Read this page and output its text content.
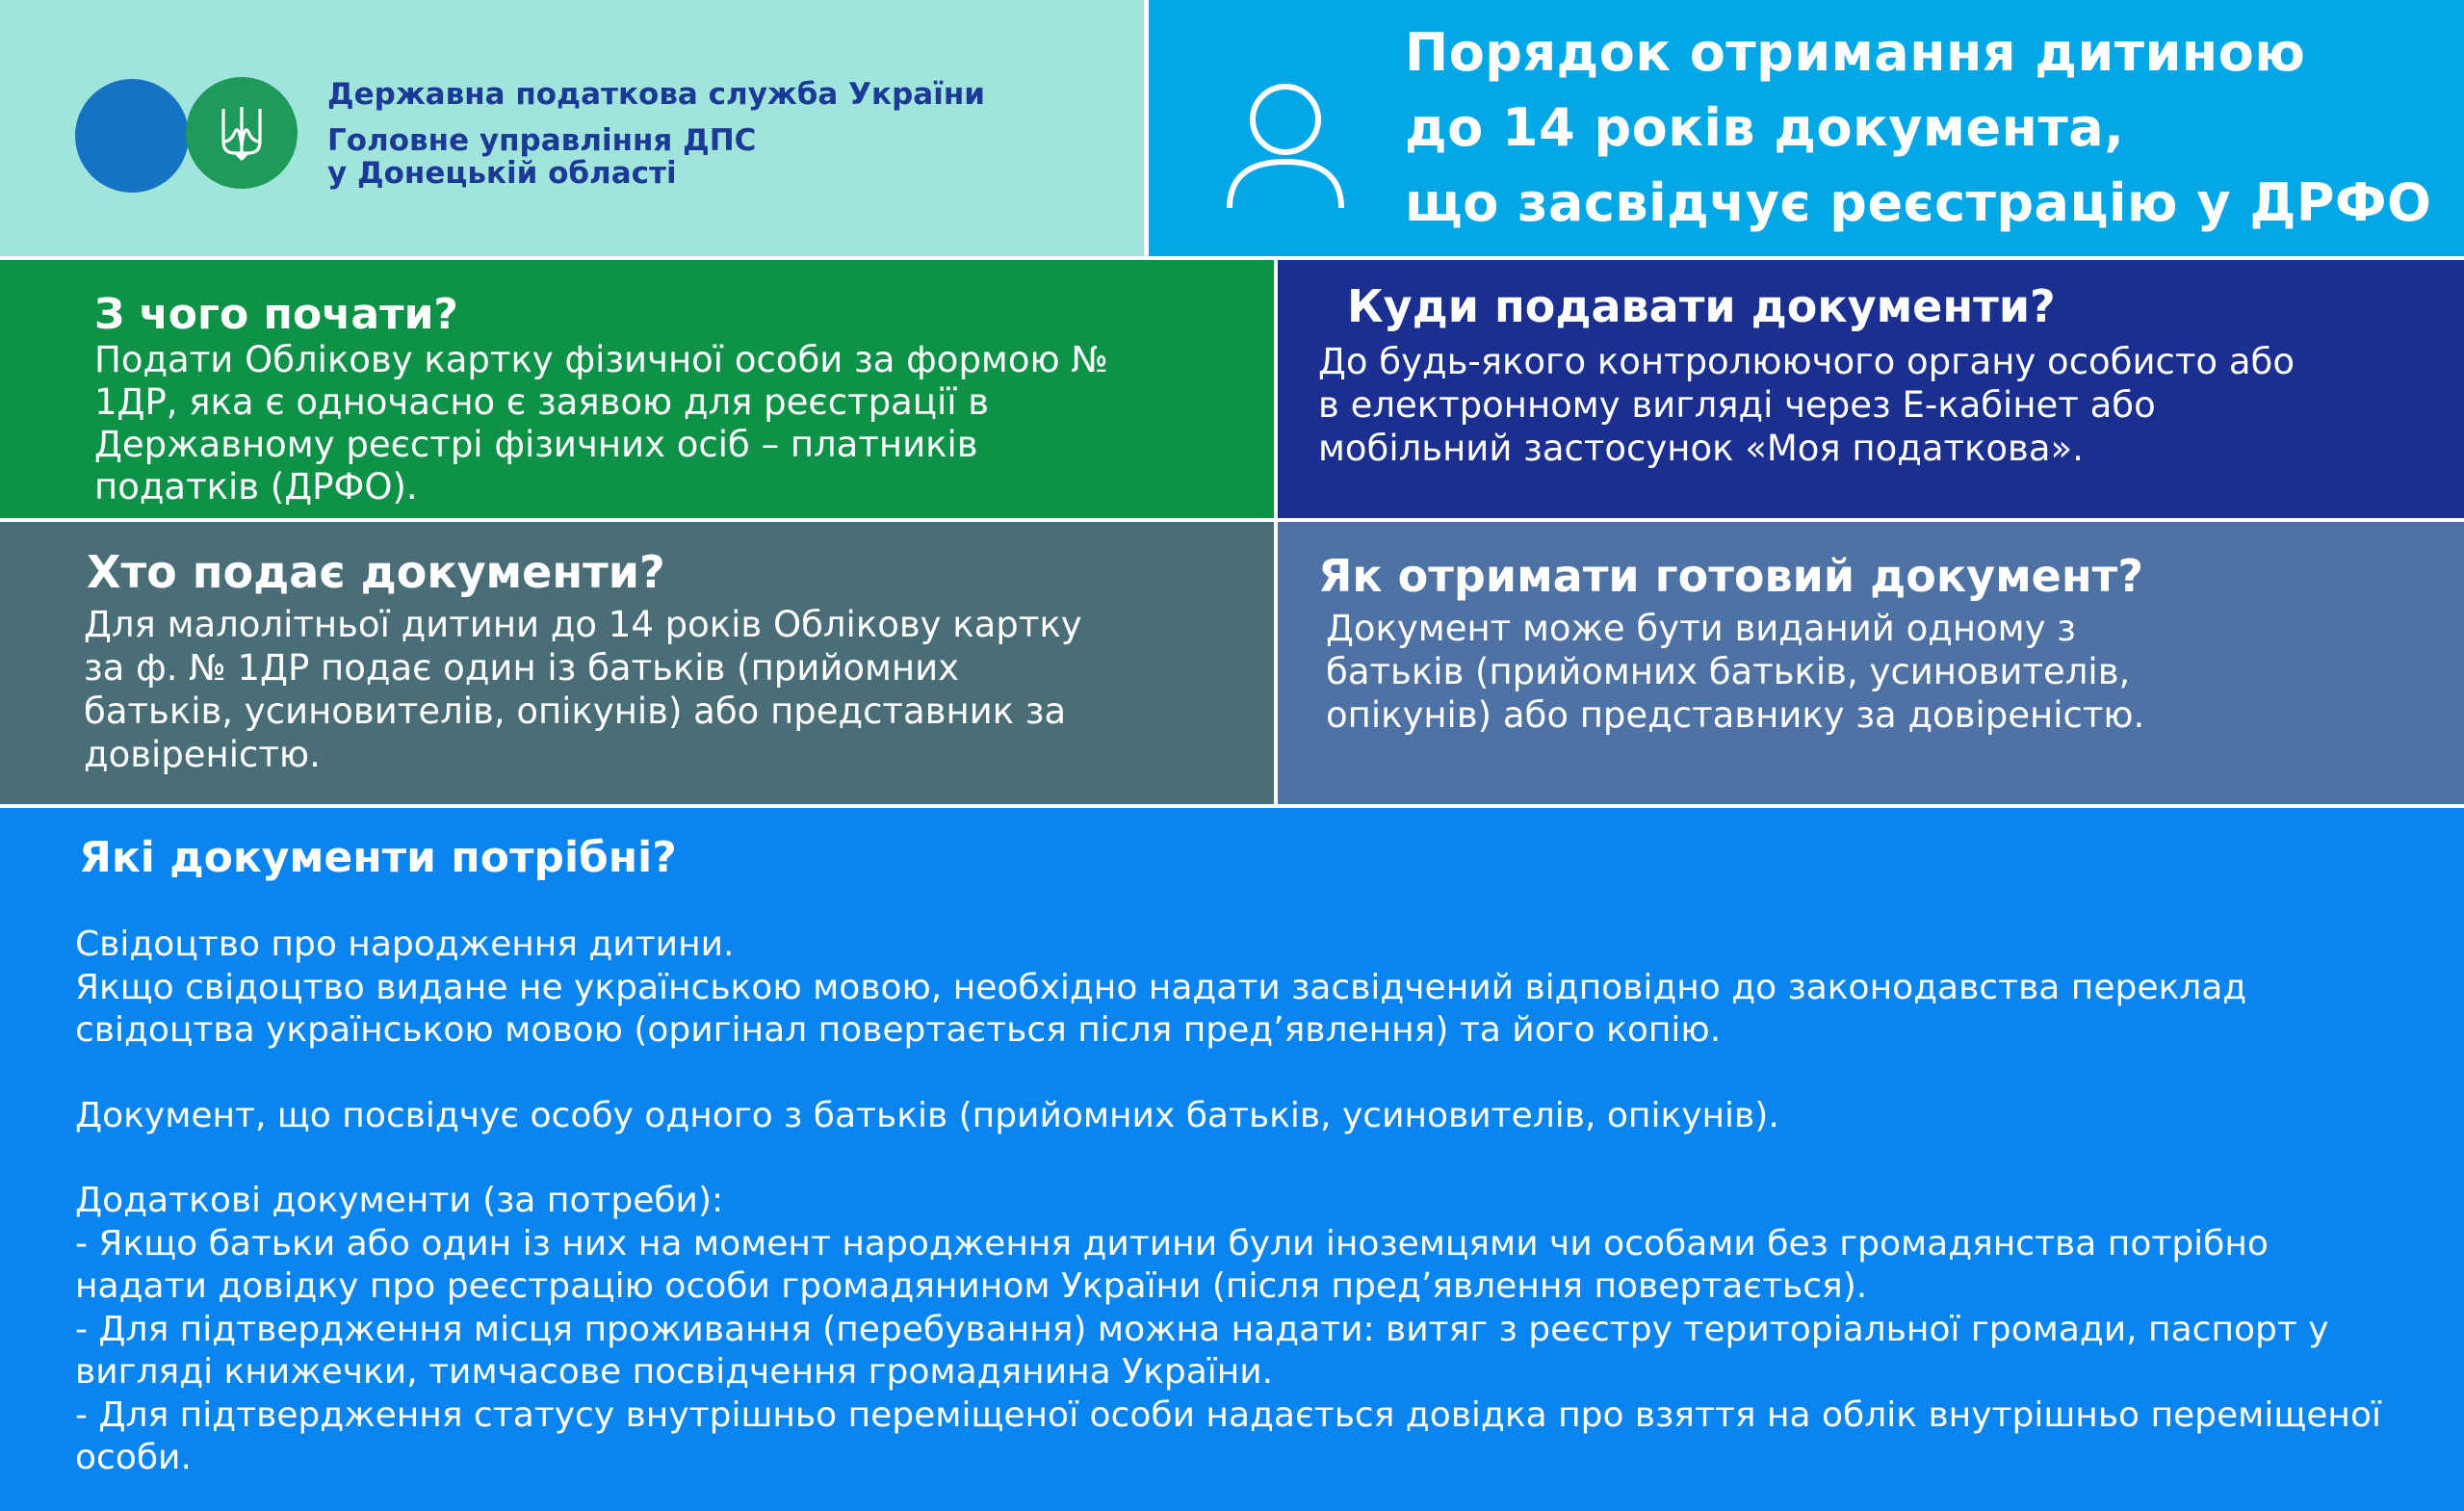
Державна податкова служба України
Головне управління ДПС
у Донецькій області
Порядок отримання дитиною
до 14 років документа,
що засвідчує реєстрацію у ДРФО

З чого почати?

Подати Облікову картку фізичної особи за формою №
1ДР, яка є одночасно є заявою для реєстрації в
Державному реєстрі фізичних осіб – платників
податків (ДРФО).

Куди подавати документи?

До будь-якого контролюючого органу особисто або
в електронному вигляді через Е-кабінет або
мобільний застосунок «Моя податкова».

Хто подає документи?

Для малолітньої дитини до 14 років Облікову картку
за ф. № 1ДР подає один із батьків (прийомних
батьків, усиновителів, опікунів) або представник за
довіреністю.

Як отримати готовий документ?

Документ може бути виданий одному з
батьків (прийомних батьків, усиновителів,
опікунів) або представнику за довіреністю.

Які документи потрібні?

Свідоцтво про народження дитини.
Якщо свідоцтво видане не українською мовою, необхідно надати засвідчений відповідно до законодавства переклад
свідоцтва українською мовою (оригінал повертається після пред’явлення) та його копію.

Документ, що посвідчує особу одного з батьків (прийомних батьків, усиновителів, опікунів).

Додаткові документи (за потреби):
- Якщо батьки або один із них на момент народження дитини були іноземцями чи особами без громадянства потрібно
надати довідку про реєстрацію особи громадянином України (після пред’явлення повертається).
- Для підтвердження місця проживання (перебування) можна надати: витяг з реєстру територіальної громади, паспорт у
вигляді книжечки, тимчасове посвідчення громадянина України.
- Для підтвердження статусу внутрішньо переміщеної особи надається довідка про взяття на облік внутрішньо переміщеної
особи.
